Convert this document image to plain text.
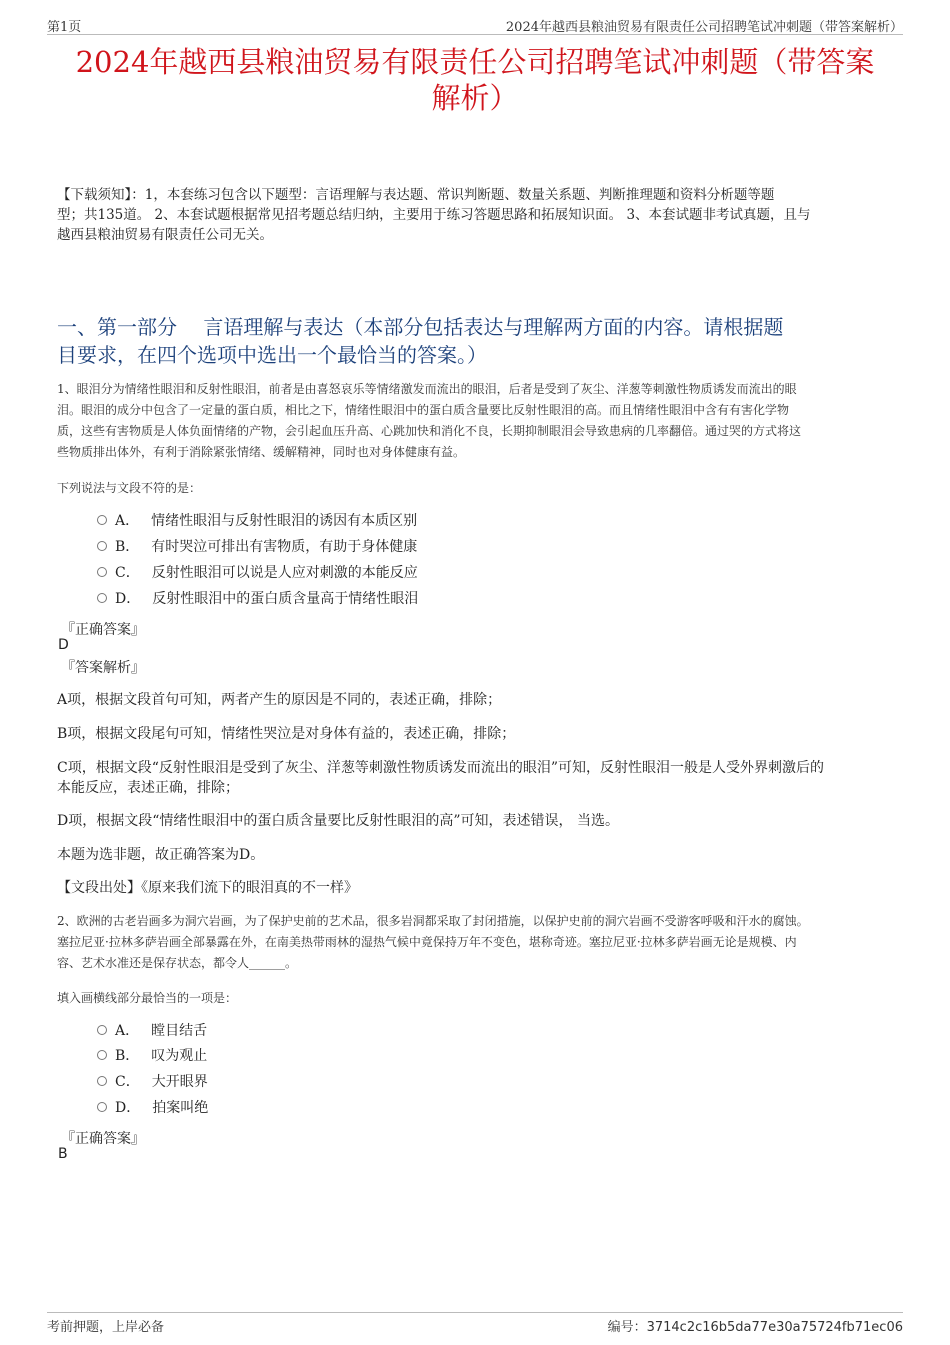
第1页	2024年越西县粮油贸易有限责任公司招聘笔试冲刺题（带答案解析）
2024年越西县粮油贸易有限责任公司招聘笔试冲刺题（带答案
解析）
【下载须知】：1，本套练习包含以下题型：言语理解与表达题、常识判断题、数量关系题、判断推理题和资料分析题等题
型；共135道。 2、本套试题根据常见招考题总结归纳，主要用于练习答题思路和拓展知识面。 3、本套试题非考试真题，且与
越西县粮油贸易有限责任公司无关。
一、第一部分　 言语理解与表达（本部分包括表达与理解两方面的内容。请根据题
目要求，在四个选项中选出一个最恰当的答案。）
1、眼泪分为情绪性眼泪和反射性眼泪，前者是由喜怒哀乐等情绪激发而流出的眼泪，后者是受到了灰尘、洋葱等刺激性物质诱发而流出的眼
泪。眼泪的成分中包含了一定量的蛋白质，相比之下，情绪性眼泪中的蛋白质含量要比反射性眼泪的高。而且情绪性眼泪中含有有害化学物
质，这些有害物质是人体负面情绪的产物，会引起血压升高、心跳加快和消化不良，长期抑制眼泪会导致患病的几率翻倍。通过哭的方式将这
些物质排出体外，有利于消除紧张情绪、缓解精神，同时也对身体健康有益。
下列说法与文段不符的是：
A． 情绪性眼泪与反射性眼泪的诱因有本质区别
B． 有时哭泣可排出有害物质，有助于身体健康
C． 反射性眼泪可以说是人应对刺激的本能反应
D． 反射性眼泪中的蛋白质含量高于情绪性眼泪
『正确答案』
D
『答案解析』
A项，根据文段首句可知，两者产生的原因是不同的，表述正确，排除；
B项，根据文段尾句可知，情绪性哭泣是对身体有益的，表述正确，排除；
C项，根据文段“反射性眼泪是受到了灰尘、洋葱等刺激性物质诱发而流出的眼泪”可知，反射性眼泪一般是人受外界刺激后的
本能反应，表述正确，排除；
D项，根据文段“情绪性眼泪中的蛋白质含量要比反射性眼泪的高”可知，表述错误， 当选。
本题为选非题，故正确答案为D。
【文段出处】《原来我们流下的眼泪真的不一样》
2、欧洲的古老岩画多为洞穴岩画，为了保护史前的艺术品，很多岩洞都采取了封闭措施，以保护史前的洞穴岩画不受游客呼吸和汗水的腐蚀。
塞拉尼亚·拉林多萨岩画全部暴露在外，在南美热带雨林的湿热气候中竟保持万年不变色，堪称奇迹。塞拉尼亚·拉林多萨岩画无论是规模、内
容、艺术水准还是保存状态，都令人______。
填入画横线部分最恰当的一项是：
A． 瞠目结舌
B． 叹为观止
C． 大开眼界
D． 拍案叫绝
『正确答案』
B
考前押题，上岸必备	编号：3714c2c16b5da77e30a75724fb71ec06
